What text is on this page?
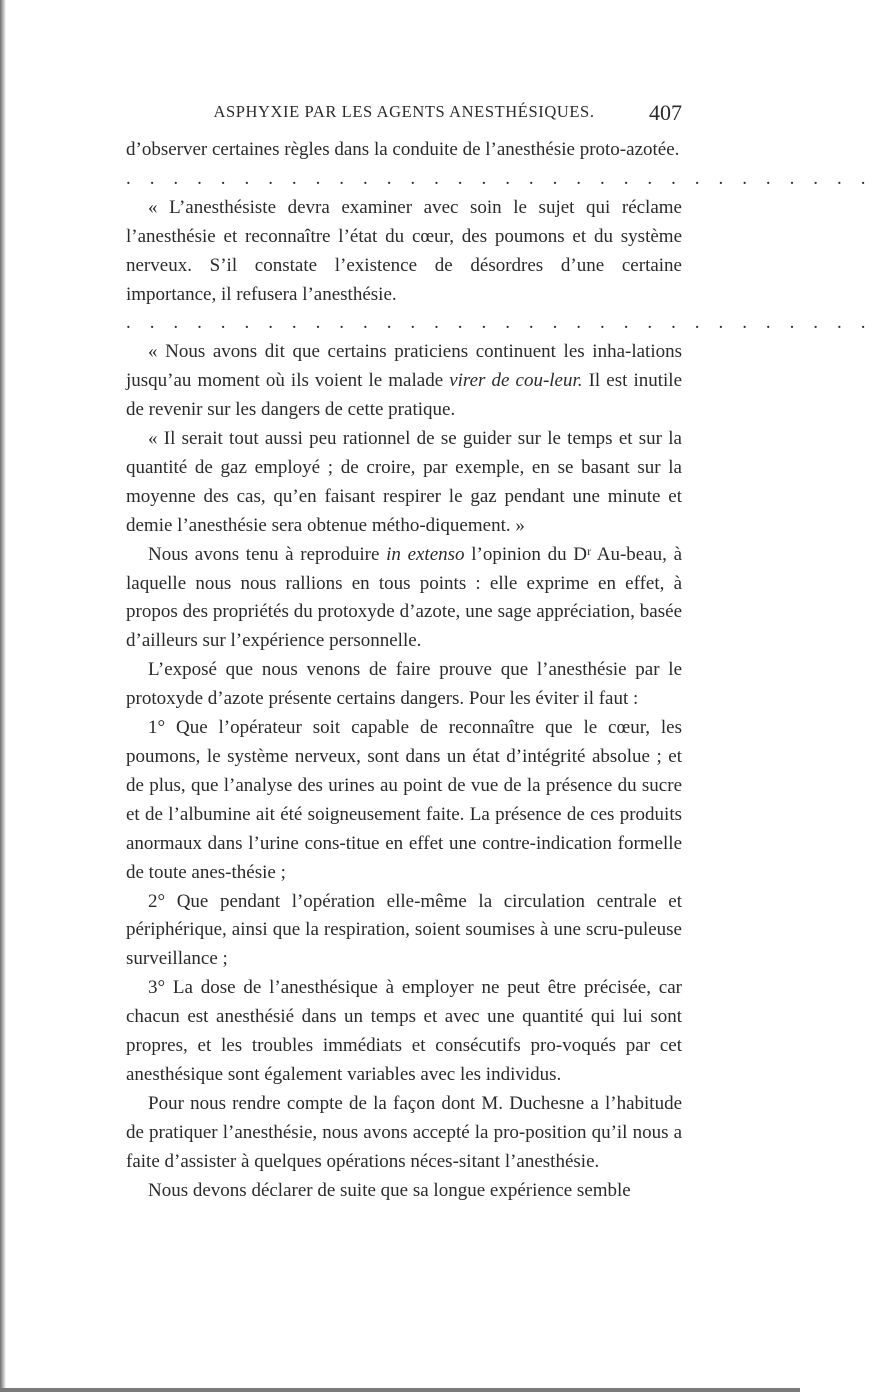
ASPHYXIE PAR LES AGENTS ANESTHÉSIQUES.	407

d’observer certaines règles dans la conduite de l’anesthésie proto-azotée.

. . . . . . . . . . . . . . . . . . . . . . . . . . . . . . . .

« L’anesthésiste devra examiner avec soin le sujet qui réclame l’anesthésie et reconnaître l’état du cœur, des poumons et du système nerveux. S’il constate l’existence de désordres d’une certaine importance, il refusera l’anesthésie.

. . . . . . . . . . . . . . . . . . . . . . . . . . . . . . . .

« Nous avons dit que certains praticiens continuent les inha-lations jusqu’au moment où ils voient le malade virer de cou-leur. Il est inutile de revenir sur les dangers de cette pratique.

« Il serait tout aussi peu rationnel de se guider sur le temps et sur la quantité de gaz employé ; de croire, par exemple, en se basant sur la moyenne des cas, qu’en faisant respirer le gaz pendant une minute et demie l’anesthésie sera obtenue métho-diquement. »

Nous avons tenu à reproduire in extenso l’opinion du Dʳ Au-beau, à laquelle nous nous rallions en tous points : elle exprime en effet, à propos des propriétés du protoxyde d’azote, une sage appréciation, basée d’ailleurs sur l’expérience personnelle.

L’exposé que nous venons de faire prouve que l’anesthésie par le protoxyde d’azote présente certains dangers. Pour les éviter il faut :

1° Que l’opérateur soit capable de reconnaître que le cœur, les poumons, le système nerveux, sont dans un état d’intégrité absolue ; et de plus, que l’analyse des urines au point de vue de la présence du sucre et de l’albumine ait été soigneusement faite. La présence de ces produits anormaux dans l’urine cons-titue en effet une contre-indication formelle de toute anes-thésie ;

2° Que pendant l’opération elle-même la circulation centrale et périphérique, ainsi que la respiration, soient soumises à une scru-puleuse surveillance ;

3° La dose de l’anesthésique à employer ne peut être précisée, car chacun est anesthésié dans un temps et avec une quantité qui lui sont propres, et les troubles immédiats et consécutifs pro-voqués par cet anesthésique sont également variables avec les individus.

Pour nous rendre compte de la façon dont M. Duchesne a l’habitude de pratiquer l’anesthésie, nous avons accepté la pro-position qu’il nous a faite d’assister à quelques opérations néces-sitant l’anesthésie.

Nous devons déclarer de suite que sa longue expérience semble
